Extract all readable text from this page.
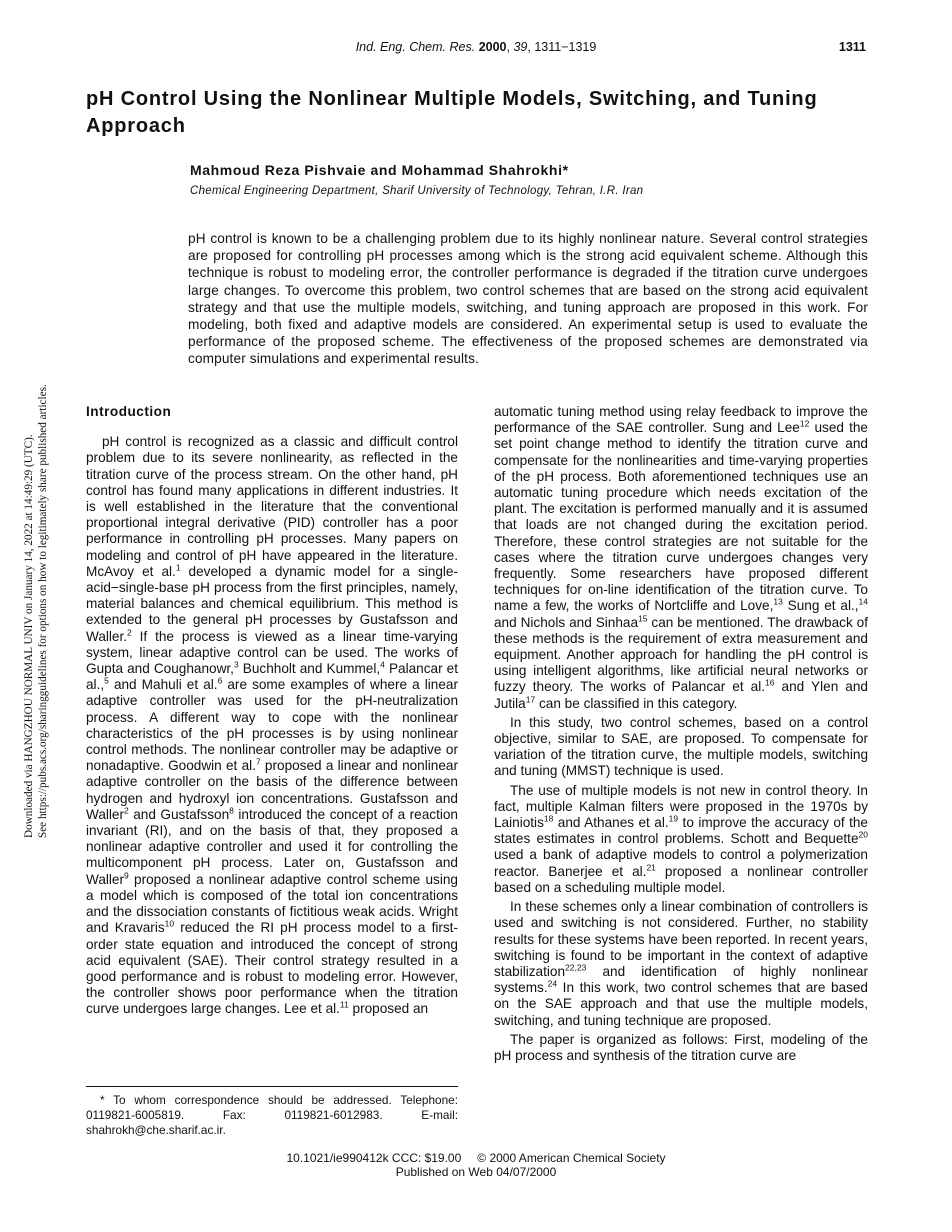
Ind. Eng. Chem. Res. 2000, 39, 1311−1319	1311
pH Control Using the Nonlinear Multiple Models, Switching, and Tuning Approach
Mahmoud Reza Pishvaie and Mohammad Shahrokhi*
Chemical Engineering Department, Sharif University of Technology, Tehran, I.R. Iran
pH control is known to be a challenging problem due to its highly nonlinear nature. Several control strategies are proposed for controlling pH processes among which is the strong acid equivalent scheme. Although this technique is robust to modeling error, the controller performance is degraded if the titration curve undergoes large changes. To overcome this problem, two control schemes that are based on the strong acid equivalent strategy and that use the multiple models, switching, and tuning approach are proposed in this work. For modeling, both fixed and adaptive models are considered. An experimental setup is used to evaluate the performance of the proposed scheme. The effectiveness of the proposed schemes are demonstrated via computer simulations and experimental results.
Downloaded via HANGZHOU NORMAL UNIV on January 14, 2022 at 14:49:29 (UTC). See https://pubs.acs.org/sharingguidelines for options on how to legitimately share published articles.	Introduction

pH control is recognized as a classic and difficult control problem due to its severe nonlinearity, as reflected in the titration curve of the process stream. On the other hand, pH control has found many applications in different industries. It is well established in the literature that the conventional proportional integral derivative (PID) controller has a poor performance in controlling pH processes. Many papers on modeling and control of pH have appeared in the literature. McAvoy et al.$^1$ developed a dynamic model for a single-acid−single-base pH process from the first principles, namely, material balances and chemical equilibrium. This method is extended to the general pH processes by Gustafsson and Waller.$^2$ If the process is viewed as a linear time-varying system, linear adaptive control can be used. The works of Gupta and Coughanowr,$^3$ Buchholt and Kummel,$^4$ Palancar et al.,$^5$ and Mahuli et al.$^6$ are some examples of where a linear adaptive controller was used for the pH-neutralization process. A different way to cope with the nonlinear characteristics of the pH processes is by using nonlinear control methods. The nonlinear controller may be adaptive or nonadaptive. Goodwin et al.$^7$ proposed a linear and nonlinear adaptive controller on the basis of the difference between hydrogen and hydroxyl ion concentrations. Gustafsson and Waller$^2$ and Gustafsson$^8$ introduced the concept of a reaction invariant (RI), and on the basis of that, they proposed a nonlinear adaptive controller and used it for controlling the multicomponent pH process. Later on, Gustafsson and Waller$^9$ proposed a nonlinear adaptive control scheme using a model which is composed of the total ion concentrations and the dissociation constants of fictitious weak acids. Wright and Kravaris$^{10}$ reduced the RI pH process model to a first-order state equation and introduced the concept of strong acid equivalent (SAE). Their control strategy resulted in a good performance and is robust to modeling error. However, the controller shows poor performance when the titration curve undergoes large changes. Lee et al.$^{11}$ proposed an

automatic tuning method using relay feedback to improve the performance of the SAE controller. Sung and Lee$^{12}$ used the set point change method to identify the titration curve and compensate for the nonlinearities and time-varying properties of the pH process. Both aforementioned techniques use an automatic tuning procedure which needs excitation of the plant. The excitation is performed manually and it is assumed that loads are not changed during the excitation period. Therefore, these control strategies are not suitable for the cases where the titration curve undergoes changes very frequently. Some researchers have proposed different techniques for on-line identification of the titration curve. To name a few, the works of Nortcliffe and Love,$^{13}$ Sung et al.,$^{14}$ and Nichols and Sinhaa$^{15}$ can be mentioned. The drawback of these methods is the requirement of extra measurement and equipment. Another approach for handling the pH control is using intelligent algorithms, like artificial neural networks or fuzzy theory. The works of Palancar et al.$^{16}$ and Ylen and Jutila$^{17}$ can be classified in this category.

In this study, two control schemes, based on a control objective, similar to SAE, are proposed. To compensate for variation of the titration curve, the multiple models, switching and tuning (MMST) technique is used.

The use of multiple models is not new in control theory. In fact, multiple Kalman filters were proposed in the 1970s by Lainiotis$^{18}$ and Athanes et al.$^{19}$ to improve the accuracy of the states estimates in control problems. Schott and Bequette$^{20}$ used a bank of adaptive models to control a polymerization reactor. Banerjee et al.$^{21}$ proposed a nonlinear controller based on a scheduling multiple model.

In these schemes only a linear combination of controllers is used and switching is not considered. Further, no stability results for these systems have been reported. In recent years, switching is found to be important in the context of adaptive stabilization$^{22,23}$ and identification of highly nonlinear systems.$^{24}$ In this work, two control schemes that are based on the SAE approach and that use the multiple models, switching, and tuning technique are proposed.

The paper is organized as follows: First, modeling of the pH process and synthesis of the titration curve are

* To whom correspondence should be addressed. Telephone: 0119821-6005819. Fax: 0119821-6012983. E-mail: shahrokh@che.sharif.ac.ir.
10.1021/ie990412k CCC: $19.00 © 2000 American Chemical Society
Published on Web 04/07/2000
